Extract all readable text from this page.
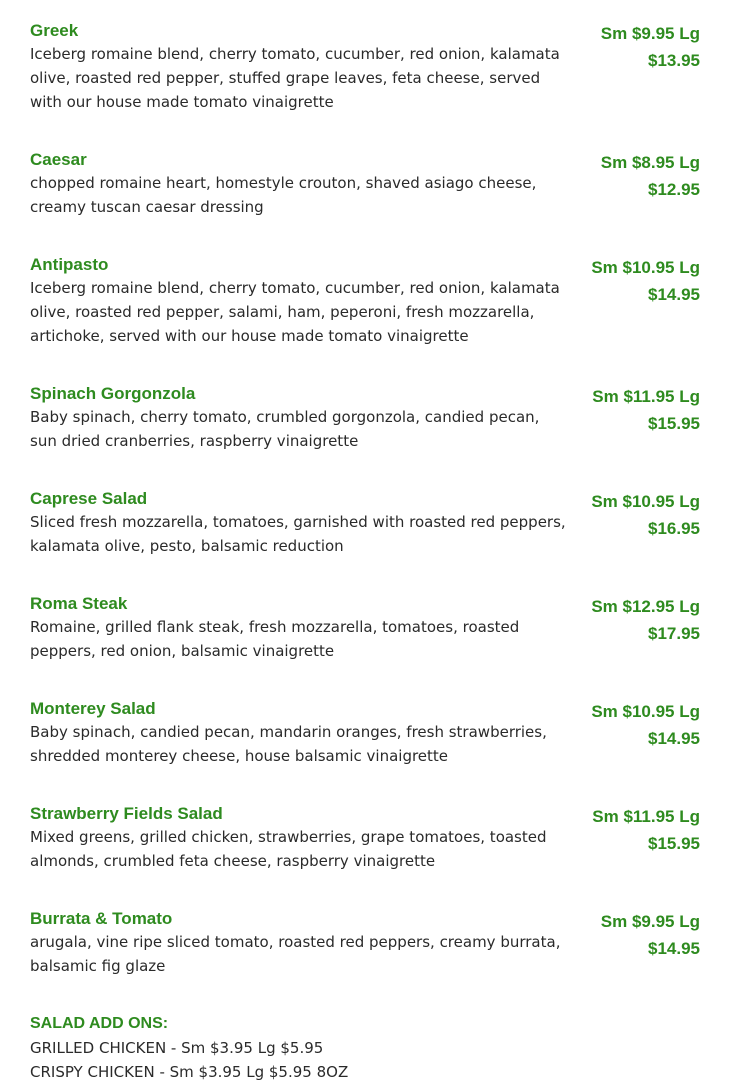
Greek
Iceberg romaine blend, cherry tomato, cucumber, red onion, kalamata olive, roasted red pepper, stuffed grape leaves, feta cheese, served with our house made tomato vinaigrette
Sm $9.95 Lg
$13.95
Caesar
chopped romaine heart, homestyle crouton, shaved asiago cheese, creamy tuscan caesar dressing
Sm $8.95 Lg
$12.95
Antipasto
Iceberg romaine blend, cherry tomato, cucumber, red onion, kalamata olive, roasted red pepper, salami, ham, peperoni, fresh mozzarella, artichoke, served with our house made tomato vinaigrette
Sm $10.95 Lg
$14.95
Spinach Gorgonzola
Baby spinach, cherry tomato, crumbled gorgonzola, candied pecan, sun dried cranberries, raspberry vinaigrette
Sm $11.95 Lg
$15.95
Caprese Salad
Sliced fresh mozzarella, tomatoes, garnished with roasted red peppers, kalamata olive, pesto, balsamic reduction
Sm $10.95 Lg
$16.95
Roma Steak
Romaine, grilled flank steak, fresh mozzarella, tomatoes, roasted peppers, red onion, balsamic vinaigrette
Sm $12.95 Lg
$17.95
Monterey Salad
Baby spinach, candied pecan, mandarin oranges, fresh strawberries, shredded monterey cheese, house balsamic vinaigrette
Sm $10.95 Lg
$14.95
Strawberry Fields Salad
Mixed greens, grilled chicken, strawberries, grape tomatoes, toasted almonds, crumbled feta cheese, raspberry vinaigrette
Sm $11.95 Lg
$15.95
Burrata & Tomato
arugala, vine ripe sliced tomato, roasted red peppers, creamy burrata, balsamic fig glaze
Sm $9.95 Lg
$14.95
SALAD ADD ONS:
GRILLED CHICKEN - Sm $3.95 Lg $5.95
CRISPY CHICKEN - Sm $3.95 Lg $5.95 8OZ
